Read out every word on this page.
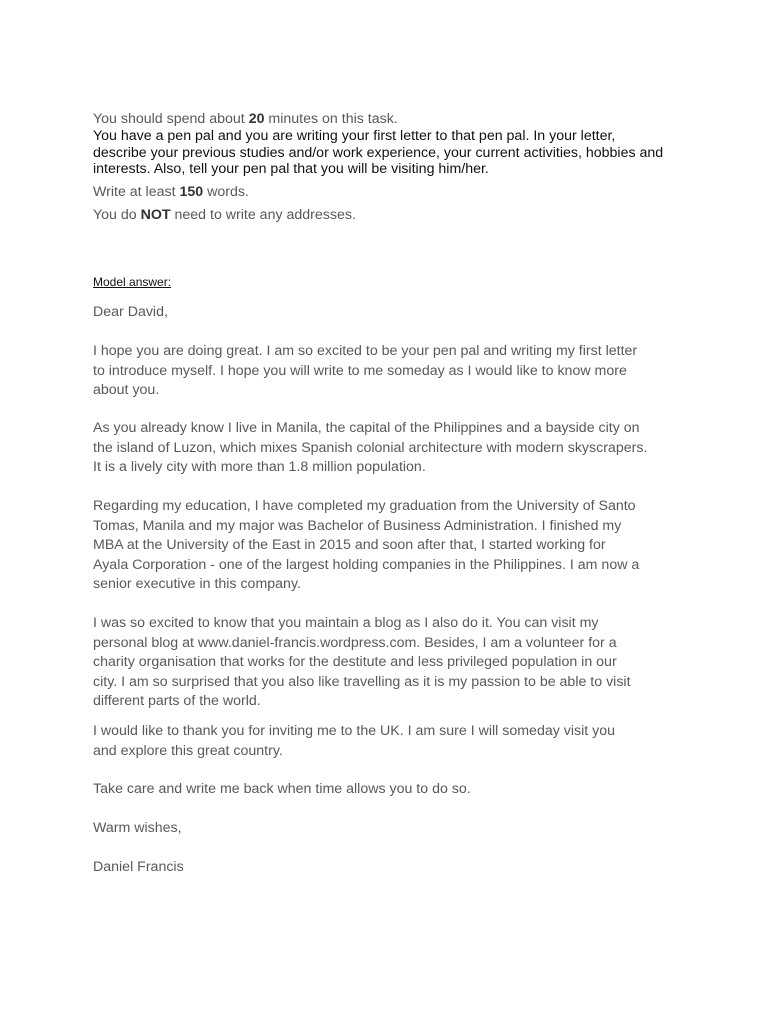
You should spend about 20 minutes on this task.

You have a pen pal and you are writing your first letter to that pen pal. In your letter,
describe your previous studies and/or work experience, your current activities, hobbies and
interests. Also, tell your pen pal that you will be visiting him/her.

Write at least 150 words.

You do NOT need to write any addresses.

Model answer:

Dear David,

I hope you are doing great. I am so excited to be your pen pal and writing my first letter
to introduce myself. I hope you will write to me someday as I would like to know more
about you.

As you already know I live in Manila, the capital of the Philippines and a bayside city on
the island of Luzon, which mixes Spanish colonial architecture with modern skyscrapers.
It is a lively city with more than 1.8 million population.

Regarding my education, I have completed my graduation from the University of Santo
Tomas, Manila and my major was Bachelor of Business Administration. I finished my
MBA at the University of the East in 2015 and soon after that, I started working for
Ayala Corporation - one of the largest holding companies in the Philippines. I am now a
senior executive in this company.

I was so excited to know that you maintain a blog as I also do it. You can visit my
personal blog at www.daniel-francis.wordpress.com. Besides, I am a volunteer for a
charity organisation that works for the destitute and less privileged population in our
city. I am so surprised that you also like travelling as it is my passion to be able to visit
different parts of the world.

I would like to thank you for inviting me to the UK. I am sure I will someday visit you
and explore this great country.

Take care and write me back when time allows you to do so.

Warm wishes,

Daniel Francis
